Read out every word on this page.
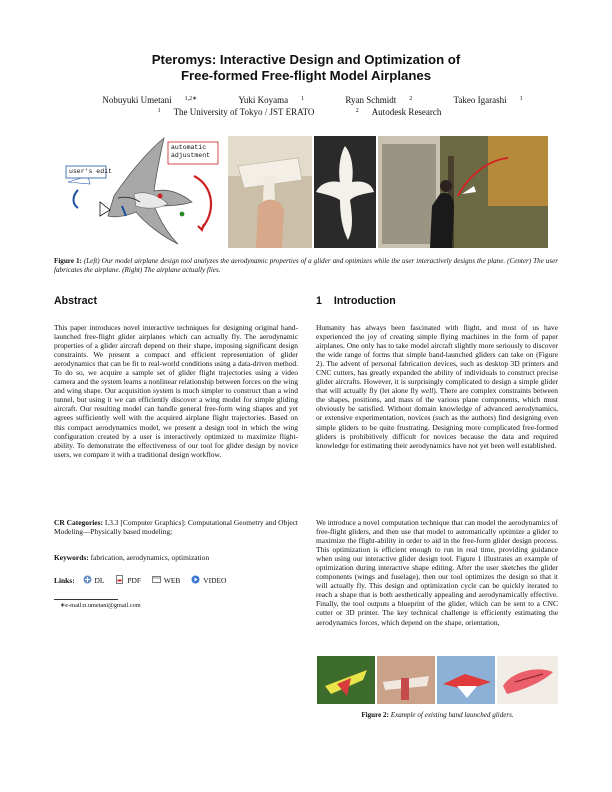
Pteromys: Interactive Design and Optimization of
Free-formed Free-flight Model Airplanes
Nobuyuki Umetani $^{1,2∗}$	Yuki Koyama $^1$	Ryan Schmidt $^2$	Takeo Igarashi $^1$
$^1$ The University of Tokyo / JST ERATO	$^2$ Autodesk Research
automatic
adjustment
user's edit
Figure 1: (Left) Our model airplane design tool analyzes the aerodynamic properties of a glider and optimizes while the user interactively designs the plane. (Center) The user fabricates the airplane. (Right) The airplane actually flies.
Abstract
This paper introduces novel interactive techniques for designing original hand-launched free-flight glider airplanes which can actually fly. The aerodynamic properties of a glider aircraft depend on their shape, imposing significant design constraints. We present a compact and efficient representation of glider aerodynamics that can be fit to real-world conditions using a data-driven method. To do so, we acquire a sample set of glider flight trajectories using a video camera and the system learns a nonlinear relationship between forces on the wing and wing shape. Our acquisition system is much simpler to construct than a wind tunnel, but using it we can efficiently discover a wing model for simple gliding aircraft. Our resulting model can handle general free-form wing shapes and yet agrees sufficiently well with the acquired airplane flight trajectories. Based on this compact aerodynamics model, we present a design tool in which the wing configuration created by a user is interactively optimized to maximize flight-ability. To demonstrate the effectiveness of our tool for glider design by novice users, we compare it with a traditional design workflow.
CR Categories: I.3.3 [Computer Graphics]: Computational Geometry and Object Modeling—Physically based modeling;
Keywords: fabrication, aerodynamics, optimization
Links:	DL	PDF	WEB	VIDEO
∗e-mail:n.umetani@gmail.com
1 Introduction
Humanity has always been fascinated with flight, and most of us have experienced the joy of creating simple flying machines in the form of paper airplanes. One only has to take model aircraft slightly more seriously to discover the wide range of forms that simple hand-launched gliders can take on (Figure 2). The advent of personal fabrication devices, such as desktop 3D printers and CNC cutters, has greatly expanded the ability of individuals to construct precise glider aircrafts. However, it is surprisingly complicated to design a simple glider that will actually fly (let alone fly well). There are complex constraints between the shapes, positions, and mass of the various plane components, which must obviously be satisfied. Without domain knowledge of advanced aerodynamics, or extensive experimentation, novices (such as the authors) find designing even simple gliders to be quite frustrating. Designing more complicated free-formed gliders is prohibitively difficult for novices because the data and required knowledge for estimating their aerodynamics have not yet been well established.
We introduce a novel computation technique that can model the aerodynamics of free-flight gliders, and then use that model to automatically optimize a glider to maximize the flight-ability in order to aid in the free-form glider design process. This optimization is efficient enough to run in real time, providing guidance when using our interactive glider design tool. Figure 1 illustrates an example of optimization during interactive shape editing. After the user sketches the glider components (wings and fuselage), then our tool optimizes the design so that it will actually fly. This design and optimization cycle can be quickly iterated to reach a shape that is both aesthetically appealing and aerodynamically effective. Finally, the tool outputs a blueprint of the glider, which can be sent to a CNC cutter or 3D printer. The key technical challenge is efficiently estimating the aerodynamics forces, which depend on the shape, orientation,
Figure 2: Example of existing hand launched gliders.
